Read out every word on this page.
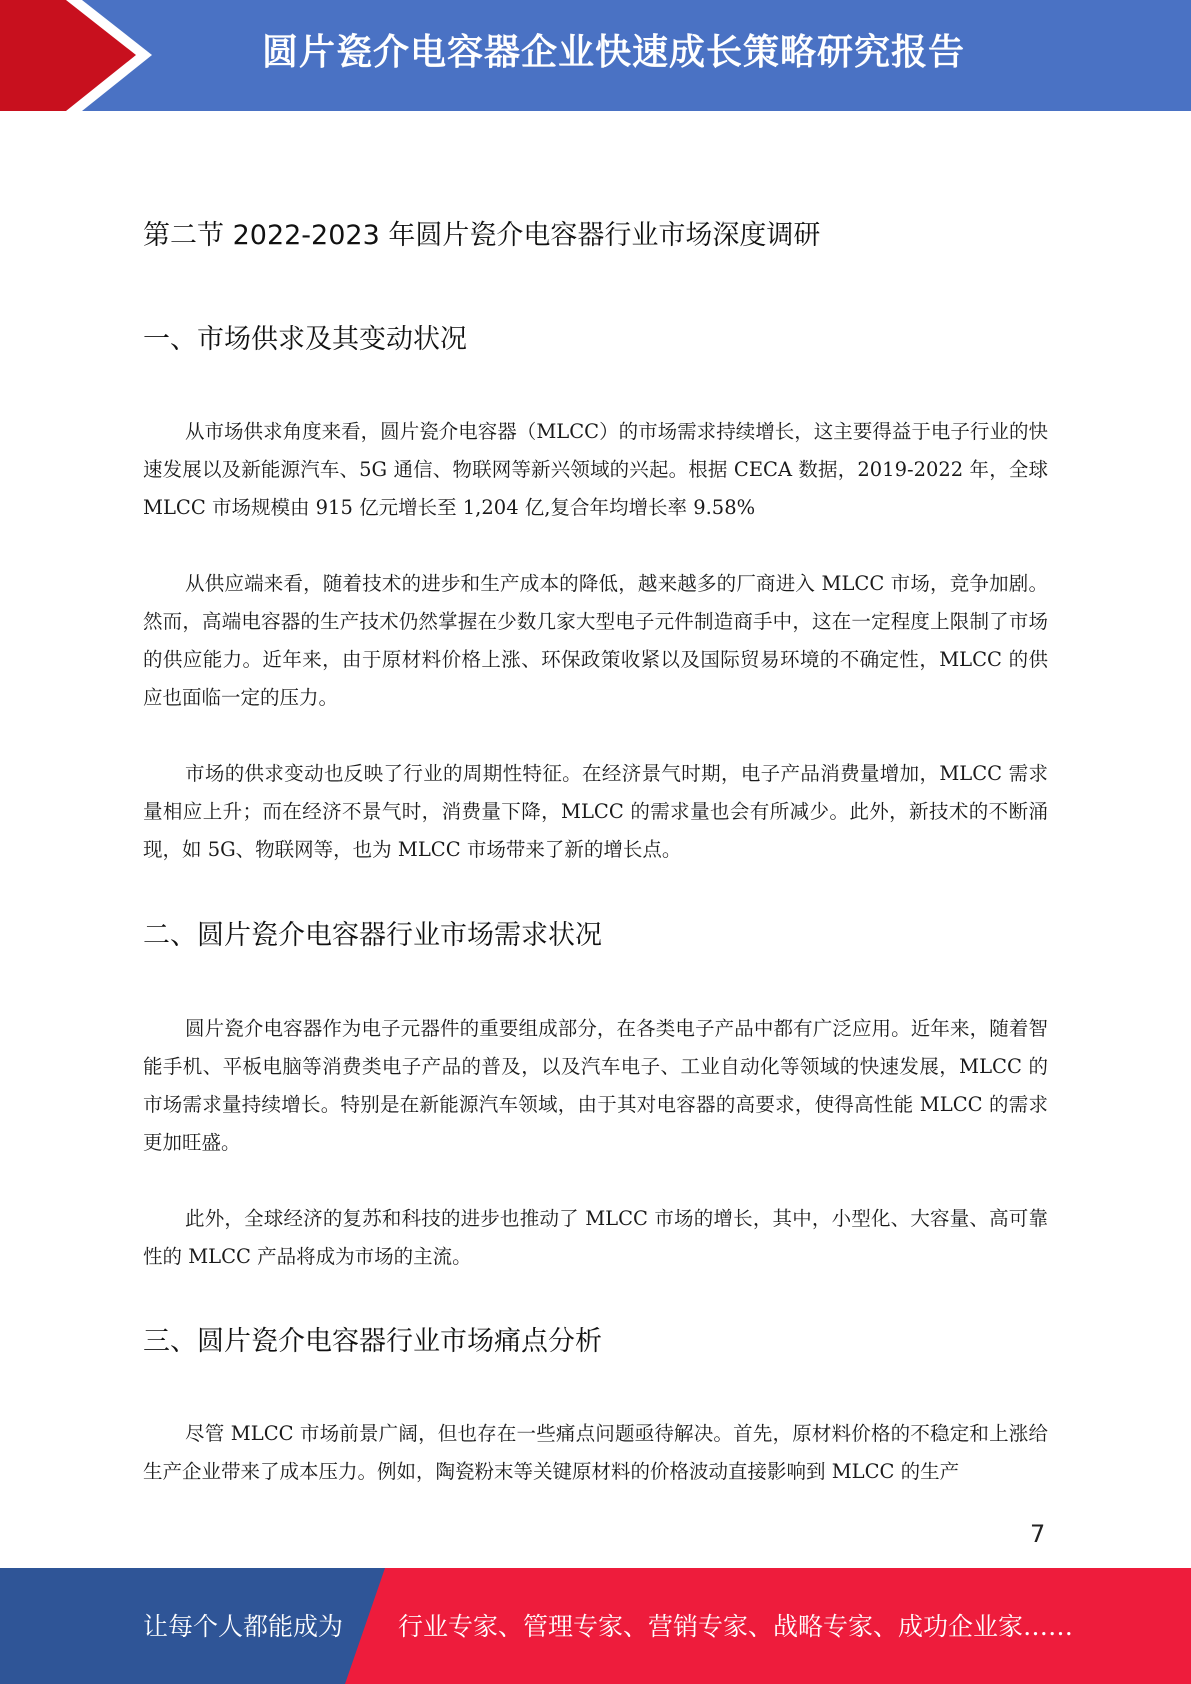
圆片瓷介电容器企业快速成长策略研究报告
第二节 2022-2023 年圆片瓷介电容器行业市场深度调研
一、市场供求及其变动状况

从市场供求角度来看，圆片瓷介电容器（MLCC）的市场需求持续增长，这主要得益于电子行业的快速发展以及新能源汽车、5G 通信、物联网等新兴领域的兴起。根据 CECA 数据，2019-2022 年，全球 MLCC 市场规模由 915 亿元增长至 1,204 亿,复合年均增长率 9.58%

从供应端来看，随着技术的进步和生产成本的降低，越来越多的厂商进入 MLCC 市场，竞争加剧。然而，高端电容器的生产技术仍然掌握在少数几家大型电子元件制造商手中，这在一定程度上限制了市场的供应能力。近年来，由于原材料价格上涨、环保政策收紧以及国际贸易环境的不确定性，MLCC 的供应也面临一定的压力。

市场的供求变动也反映了行业的周期性特征。在经济景气时期，电子产品消费量增加，MLCC 需求量相应上升；而在经济不景气时，消费量下降，MLCC 的需求量也会有所减少。此外，新技术的不断涌现，如 5G、物联网等，也为 MLCC 市场带来了新的增长点。

二、圆片瓷介电容器行业市场需求状况

圆片瓷介电容器作为电子元器件的重要组成部分，在各类电子产品中都有广泛应用。近年来，随着智能手机、平板电脑等消费类电子产品的普及，以及汽车电子、工业自动化等领域的快速发展，MLCC 的市场需求量持续增长。特别是在新能源汽车领域，由于其对电容器的高要求，使得高性能 MLCC 的需求更加旺盛。

此外，全球经济的复苏和科技的进步也推动了 MLCC 市场的增长，其中，小型化、大容量、高可靠性的 MLCC 产品将成为市场的主流。

三、圆片瓷介电容器行业市场痛点分析

尽管 MLCC 市场前景广阔，但也存在一些痛点问题亟待解决。首先，原材料价格的不稳定和上涨给生产企业带来了成本压力。例如，陶瓷粉末等关键原材料的价格波动直接影响到 MLCC 的生产

7
让每个人都能成为 行业专家、管理专家、营销专家、战略专家、成功企业家……
